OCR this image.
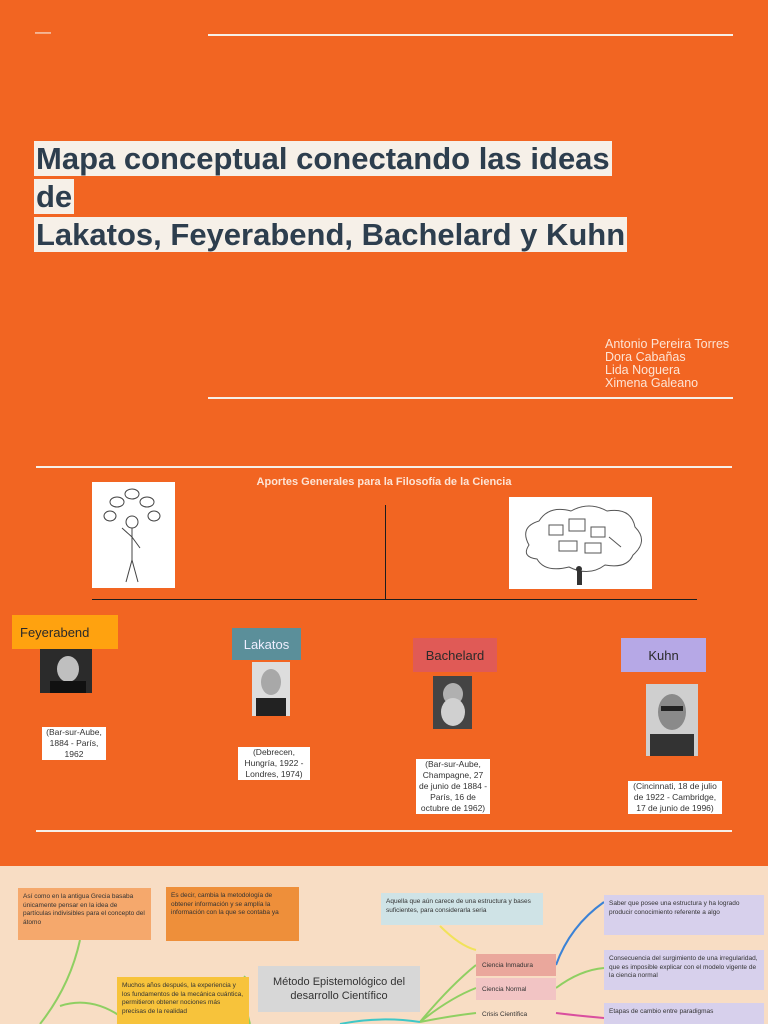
—
Mapa conceptual conectando las ideas de
Lakatos, Feyerabend, Bachelard y Kuhn
Antonio Pereira Torres
Dora Cabañas
Lida Noguera
Ximena Galeano
Aportes Generales para la Filosofía de la Ciencia
Feyerabend
Lakatos
Bachelard	Kuhn
(Bar-sur-Aube, 1884 - París, 1962	(Debrecen, Hungría, 1922 - Londres, 1974)
(Bar-sur-Aube, Champagne, 27 de junio de 1884 - París, 16 de octubre de 1962)
(Cincinnati, 18 de julio de 1922 - Cambridge, 17 de junio de 1996)
Así como en la antigua Grecia basaba únicamente pensar en la idea de partículas indivisibles para el concepto del átomo
Es decir, cambia la metodología de obtener información y se amplía la información con la que se contaba ya
Muchos años después, la experiencia y los fundamentos de la mecánica cuántica, permitieron obtener nociones más precisas de la realidad
Método Epistemológico del desarrollo Científico
Aquella que aún carece de una estructura y bases suficientes, para considerarla seria
Ciencia Inmadura
Ciencia Normal
Crisis Científica
Saber que posee una estructura y ha logrado producir conocimiento referente a algo
Consecuencia del surgimiento de una irregularidad, que es imposible explicar con el modelo vigente de la ciencia normal
Etapas de cambio entre paradigmas
